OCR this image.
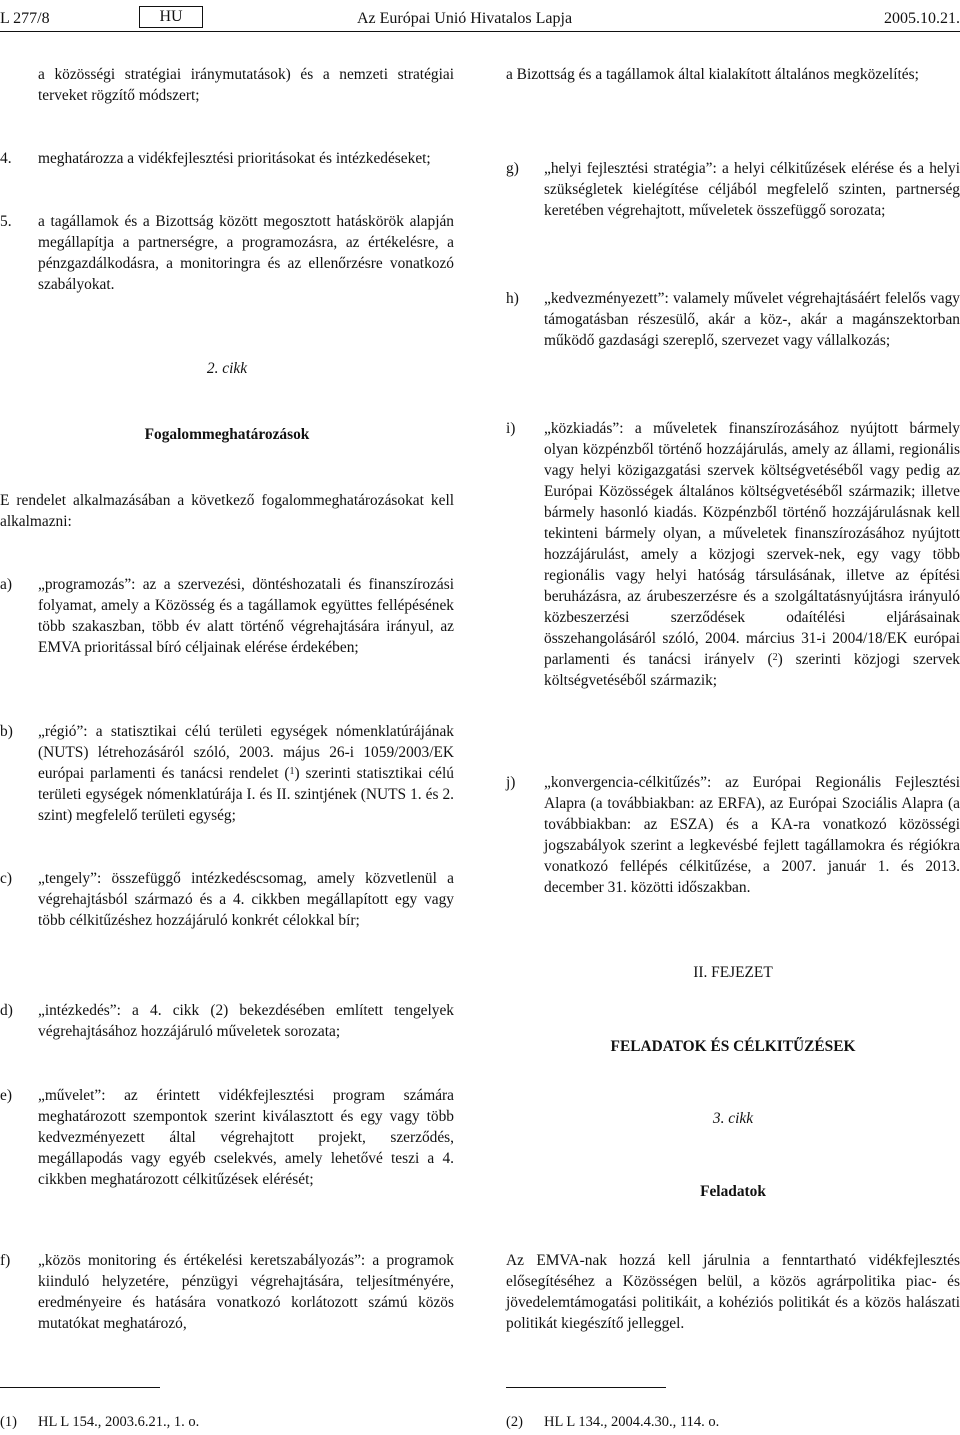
L 277/8	HU	Az Európai Unió Hivatalos Lapja	2005.10.21.
a közösségi stratégiai iránymutatások) és a nemzeti stratégiai terveket rögzítő módszert;
4. meghatározza a vidékfejlesztési prioritásokat és intézkedéseket;
5. a tagállamok és a Bizottság között megosztott hatáskörök alapján megállapítja a partnerségre, a programozásra, az értékelésre, a pénzgazdálkodásra, a monitoringra és az ellenőrzésre vonatkozó szabályokat.
2. cikk
Fogalommeghatározások
E rendelet alkalmazásában a következő fogalommeghatározásokat kell alkalmazni:
a) „programozás”: az a szervezési, döntéshozatali és finanszírozási folyamat, amely a Közösség és a tagállamok együttes fellépésének több szakaszban, több év alatt történő végrehajtására irányul, az EMVA prioritással bíró céljainak elérése érdekében;
b) „régió”: a statisztikai célú területi egységek nómenklatúrájának (NUTS) létrehozásáról szóló, 2003. május 26-i 1059/2003/EK európai parlamenti és tanácsi rendelet ($^1$) szerinti statisztikai célú területi egységek nómenklatúrája I. és II. szintjének (NUTS 1. és 2. szint) megfelelő területi egység;
c) „tengely”: összefüggő intézkedéscsomag, amely közvetlenül a végrehajtásból származó és a 4. cikkben megállapított egy vagy több célkitűzéshez hozzájáruló konkrét célokkal bír;
d) „intézkedés”: a 4. cikk (2) bekezdésében említett tengelyek végrehajtásához hozzájáruló műveletek sorozata;
e) „művelet”: az érintett vidékfejlesztési program számára meghatározott szempontok szerint kiválasztott és egy vagy több kedvezményezett által végrehajtott projekt, szerződés, megállapodás vagy egyéb cselekvés, amely lehetővé teszi a 4. cikkben meghatározott célkitűzések elérését;
f) „közös monitoring és értékelési keretszabályozás”: a programok kiinduló helyzetére, pénzügyi végrehajtására, teljesítményére, eredményeire és hatására vonatkozó korlátozott számú közös mutatókat meghatározó,
a Bizottság és a tagállamok által kialakított általános megközelítés;
g) „helyi fejlesztési stratégia”: a helyi célkitűzések elérése és a helyi szükségletek kielégítése céljából megfelelő szinten, partnerség keretében végrehajtott, műveletek összefüggő sorozata;
h) „kedvezményezett”: valamely művelet végrehajtásáért felelős vagy támogatásban részesülő, akár a köz-, akár a magánszektorban működő gazdasági szereplő, szervezet vagy vállalkozás;
i) „közkiadás”: a műveletek finanszírozásához nyújtott bármely olyan közpénzből történő hozzájárulás, amely az állami, regionális vagy helyi közigazgatási szervek költségvetéséből vagy pedig az Európai Közösségek általános költségvetéséből származik; illetve bármely hasonló kiadás. Közpénzből történő hozzájárulásnak kell tekinteni bármely olyan, a műveletek finanszírozásához nyújtott hozzájárulást, amely a közjogi szervek-nek, egy vagy több regionális vagy helyi hatóság társulásának, illetve az építési beruházásra, az árubeszerzésre és a szolgáltatásnyújtásra irányuló közbeszerzési szerződések odaítélési eljárásainak összehangolásáról szóló, 2004. március 31-i 2004/18/EK európai parlamenti és tanácsi irányelv ($^2$) szerinti közjogi szervek költségvetéséből származik;
j) „konvergencia-célkitűzés”: az Európai Regionális Fejlesztési Alapra (a továbbiakban: az ERFA), az Európai Szociális Alapra (a továbbiakban: az ESZA) és a KA-ra vonatkozó közösségi jogszabályok szerint a legkevésbé fejlett tagállamokra és régiókra vonatkozó fellépés célkitűzése, a 2007. január 1. és 2013. december 31. közötti időszakban.
II. FEJEZET
FELADATOK ÉS CÉLKITŰZÉSEK
3. cikk
Feladatok
Az EMVA-nak hozzá kell járulnia a fenntartható vidékfejlesztés elősegítéséhez a Közösségen belül, a közös agrárpolitika piac- és jövedelemtámogatási politikáit, a kohéziós politikát és a közös halászati politikát kiegészítő jelleggel.
(1) HL L 154., 2003.6.21., 1. o.	(2) HL L 134., 2004.4.30., 114. o.
